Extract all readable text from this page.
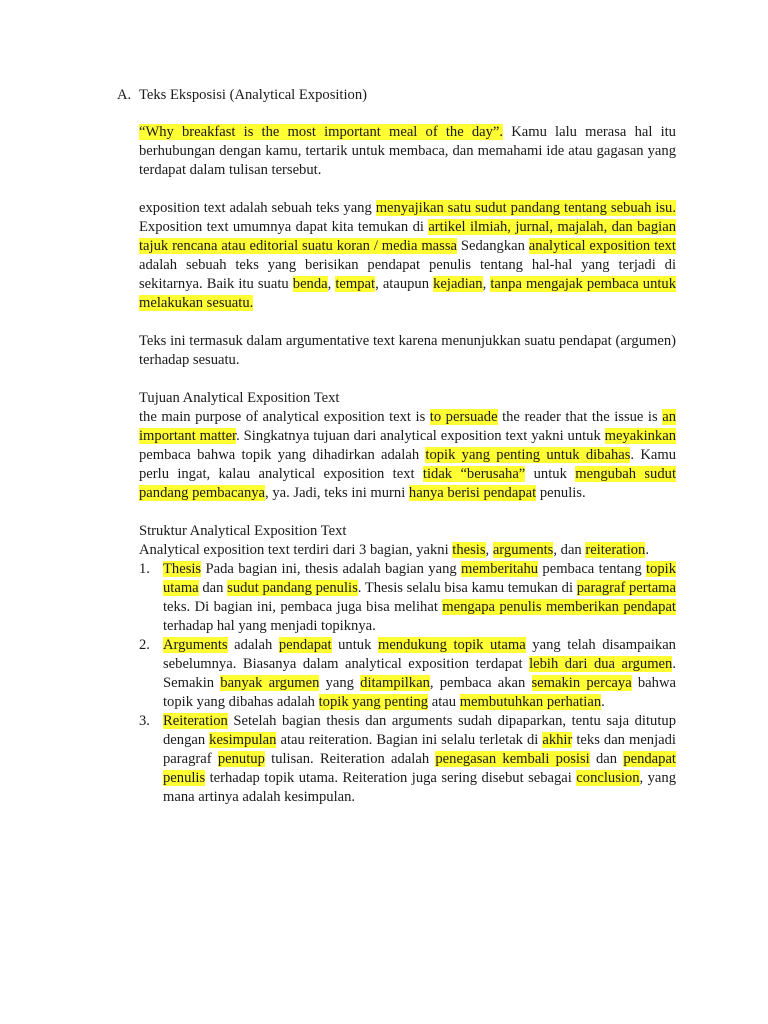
A. Teks Eksposisi (Analytical Exposition)

“Why breakfast is the most important meal of the day”. Kamu lalu merasa hal itu berhubungan dengan kamu, tertarik untuk membaca, dan memahami ide atau gagasan yang terdapat dalam tulisan tersebut.

exposition text adalah sebuah teks yang menyajikan satu sudut pandang tentang sebuah isu. Exposition text umumnya dapat kita temukan di artikel ilmiah, jurnal, majalah, dan bagian tajuk rencana atau editorial suatu koran / media massa Sedangkan analytical exposition text adalah sebuah teks yang berisikan pendapat penulis tentang hal-hal yang terjadi di sekitarnya. Baik itu suatu benda, tempat, ataupun kejadian, tanpa mengajak pembaca untuk melakukan sesuatu.

Teks ini termasuk dalam argumentative text karena menunjukkan suatu pendapat (argumen) terhadap sesuatu.

Tujuan Analytical Exposition Text

the main purpose of analytical exposition text is to persuade the reader that the issue is an important matter. Singkatnya tujuan dari analytical exposition text yakni untuk meyakinkan pembaca bahwa topik yang dihadirkan adalah topik yang penting untuk dibahas. Kamu perlu ingat, kalau analytical exposition text tidak “berusaha” untuk mengubah sudut pandang pembacanya, ya. Jadi, teks ini murni hanya berisi pendapat penulis.

Struktur Analytical Exposition Text

Analytical exposition text terdiri dari 3 bagian, yakni thesis, arguments, dan reiteration.

1. Thesis Pada bagian ini, thesis adalah bagian yang memberitahu pembaca tentang topik utama dan sudut pandang penulis. Thesis selalu bisa kamu temukan di paragraf pertama teks. Di bagian ini, pembaca juga bisa melihat mengapa penulis memberikan pendapat terhadap hal yang menjadi topiknya.
2. Arguments adalah pendapat untuk mendukung topik utama yang telah disampaikan sebelumnya. Biasanya dalam analytical exposition terdapat lebih dari dua argumen. Semakin banyak argumen yang ditampilkan, pembaca akan semakin percaya bahwa topik yang dibahas adalah topik yang penting atau membutuhkan perhatian.
3. Reiteration Setelah bagian thesis dan arguments sudah dipaparkan, tentu saja ditutup dengan kesimpulan atau reiteration. Bagian ini selalu terletak di akhir teks dan menjadi paragraf penutup tulisan. Reiteration adalah penegasan kembali posisi dan pendapat penulis terhadap topik utama. Reiteration juga sering disebut sebagai conclusion, yang mana artinya adalah kesimpulan.
